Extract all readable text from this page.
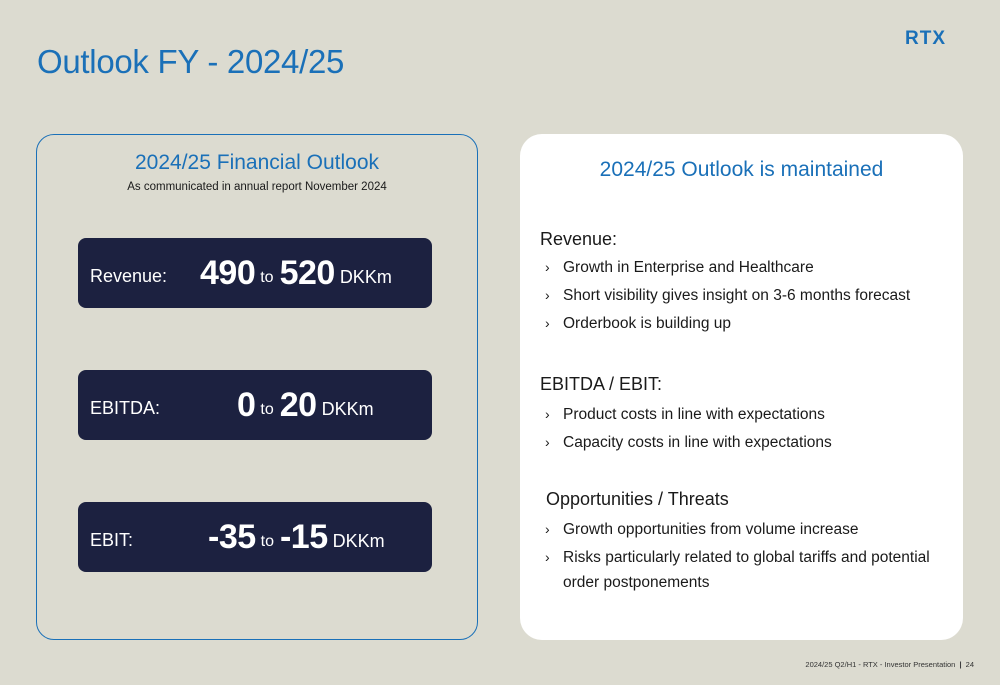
Outlook FY - 2024/25
RTX
2024/25 Financial Outlook
As communicated in annual report November 2024
Revenue: 490 to 520 DKKm
EBITDA: 0 to 20 DKKm
EBIT: -35 to -15 DKKm
2024/25 Outlook is maintained
Revenue:
› Growth in Enterprise and Healthcare
› Short visibility gives insight on 3-6 months forecast
› Orderbook is building up
EBITDA / EBIT:
› Product costs in line with expectations
› Capacity costs in line with expectations
Opportunities / Threats
› Growth opportunities from volume increase
› Risks particularly related to global tariffs and potential order postponements
2024/25 Q2/H1 - RTX - Investor Presentation | 24
